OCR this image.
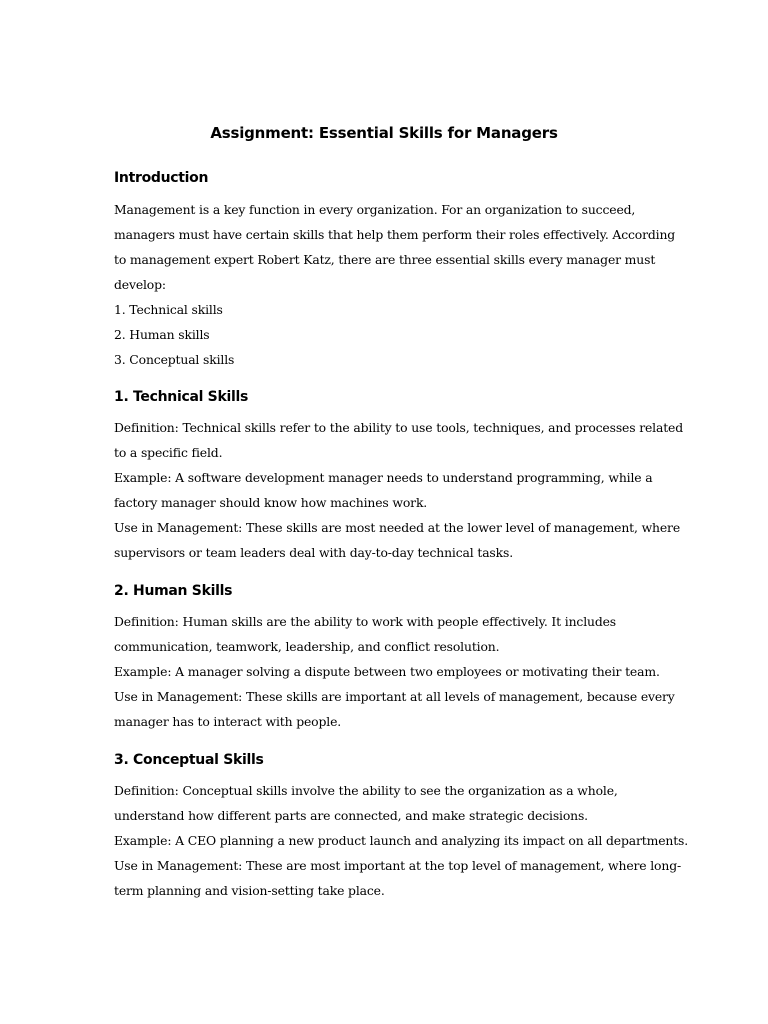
Assignment: Essential Skills for Managers
Introduction

Management is a key function in every organization. For an organization to succeed,

managers must have certain skills that help them perform their roles effectively. According

to management expert Robert Katz, there are three essential skills every manager must

develop:

1. Technical skills

2. Human skills

3. Conceptual skills

1. Technical Skills

Definition: Technical skills refer to the ability to use tools, techniques, and processes related

to a specific field.

Example: A software development manager needs to understand programming, while a

factory manager should know how machines work.

Use in Management: These skills are most needed at the lower level of management, where

supervisors or team leaders deal with day-to-day technical tasks.

2. Human Skills

Definition: Human skills are the ability to work with people effectively. It includes

communication, teamwork, leadership, and conflict resolution.

Example: A manager solving a dispute between two employees or motivating their team.

Use in Management: These skills are important at all levels of management, because every

manager has to interact with people.

3. Conceptual Skills

Definition: Conceptual skills involve the ability to see the organization as a whole,

understand how different parts are connected, and make strategic decisions.

Example: A CEO planning a new product launch and analyzing its impact on all departments.

Use in Management: These are most important at the top level of management, where long-

term planning and vision-setting take place.
